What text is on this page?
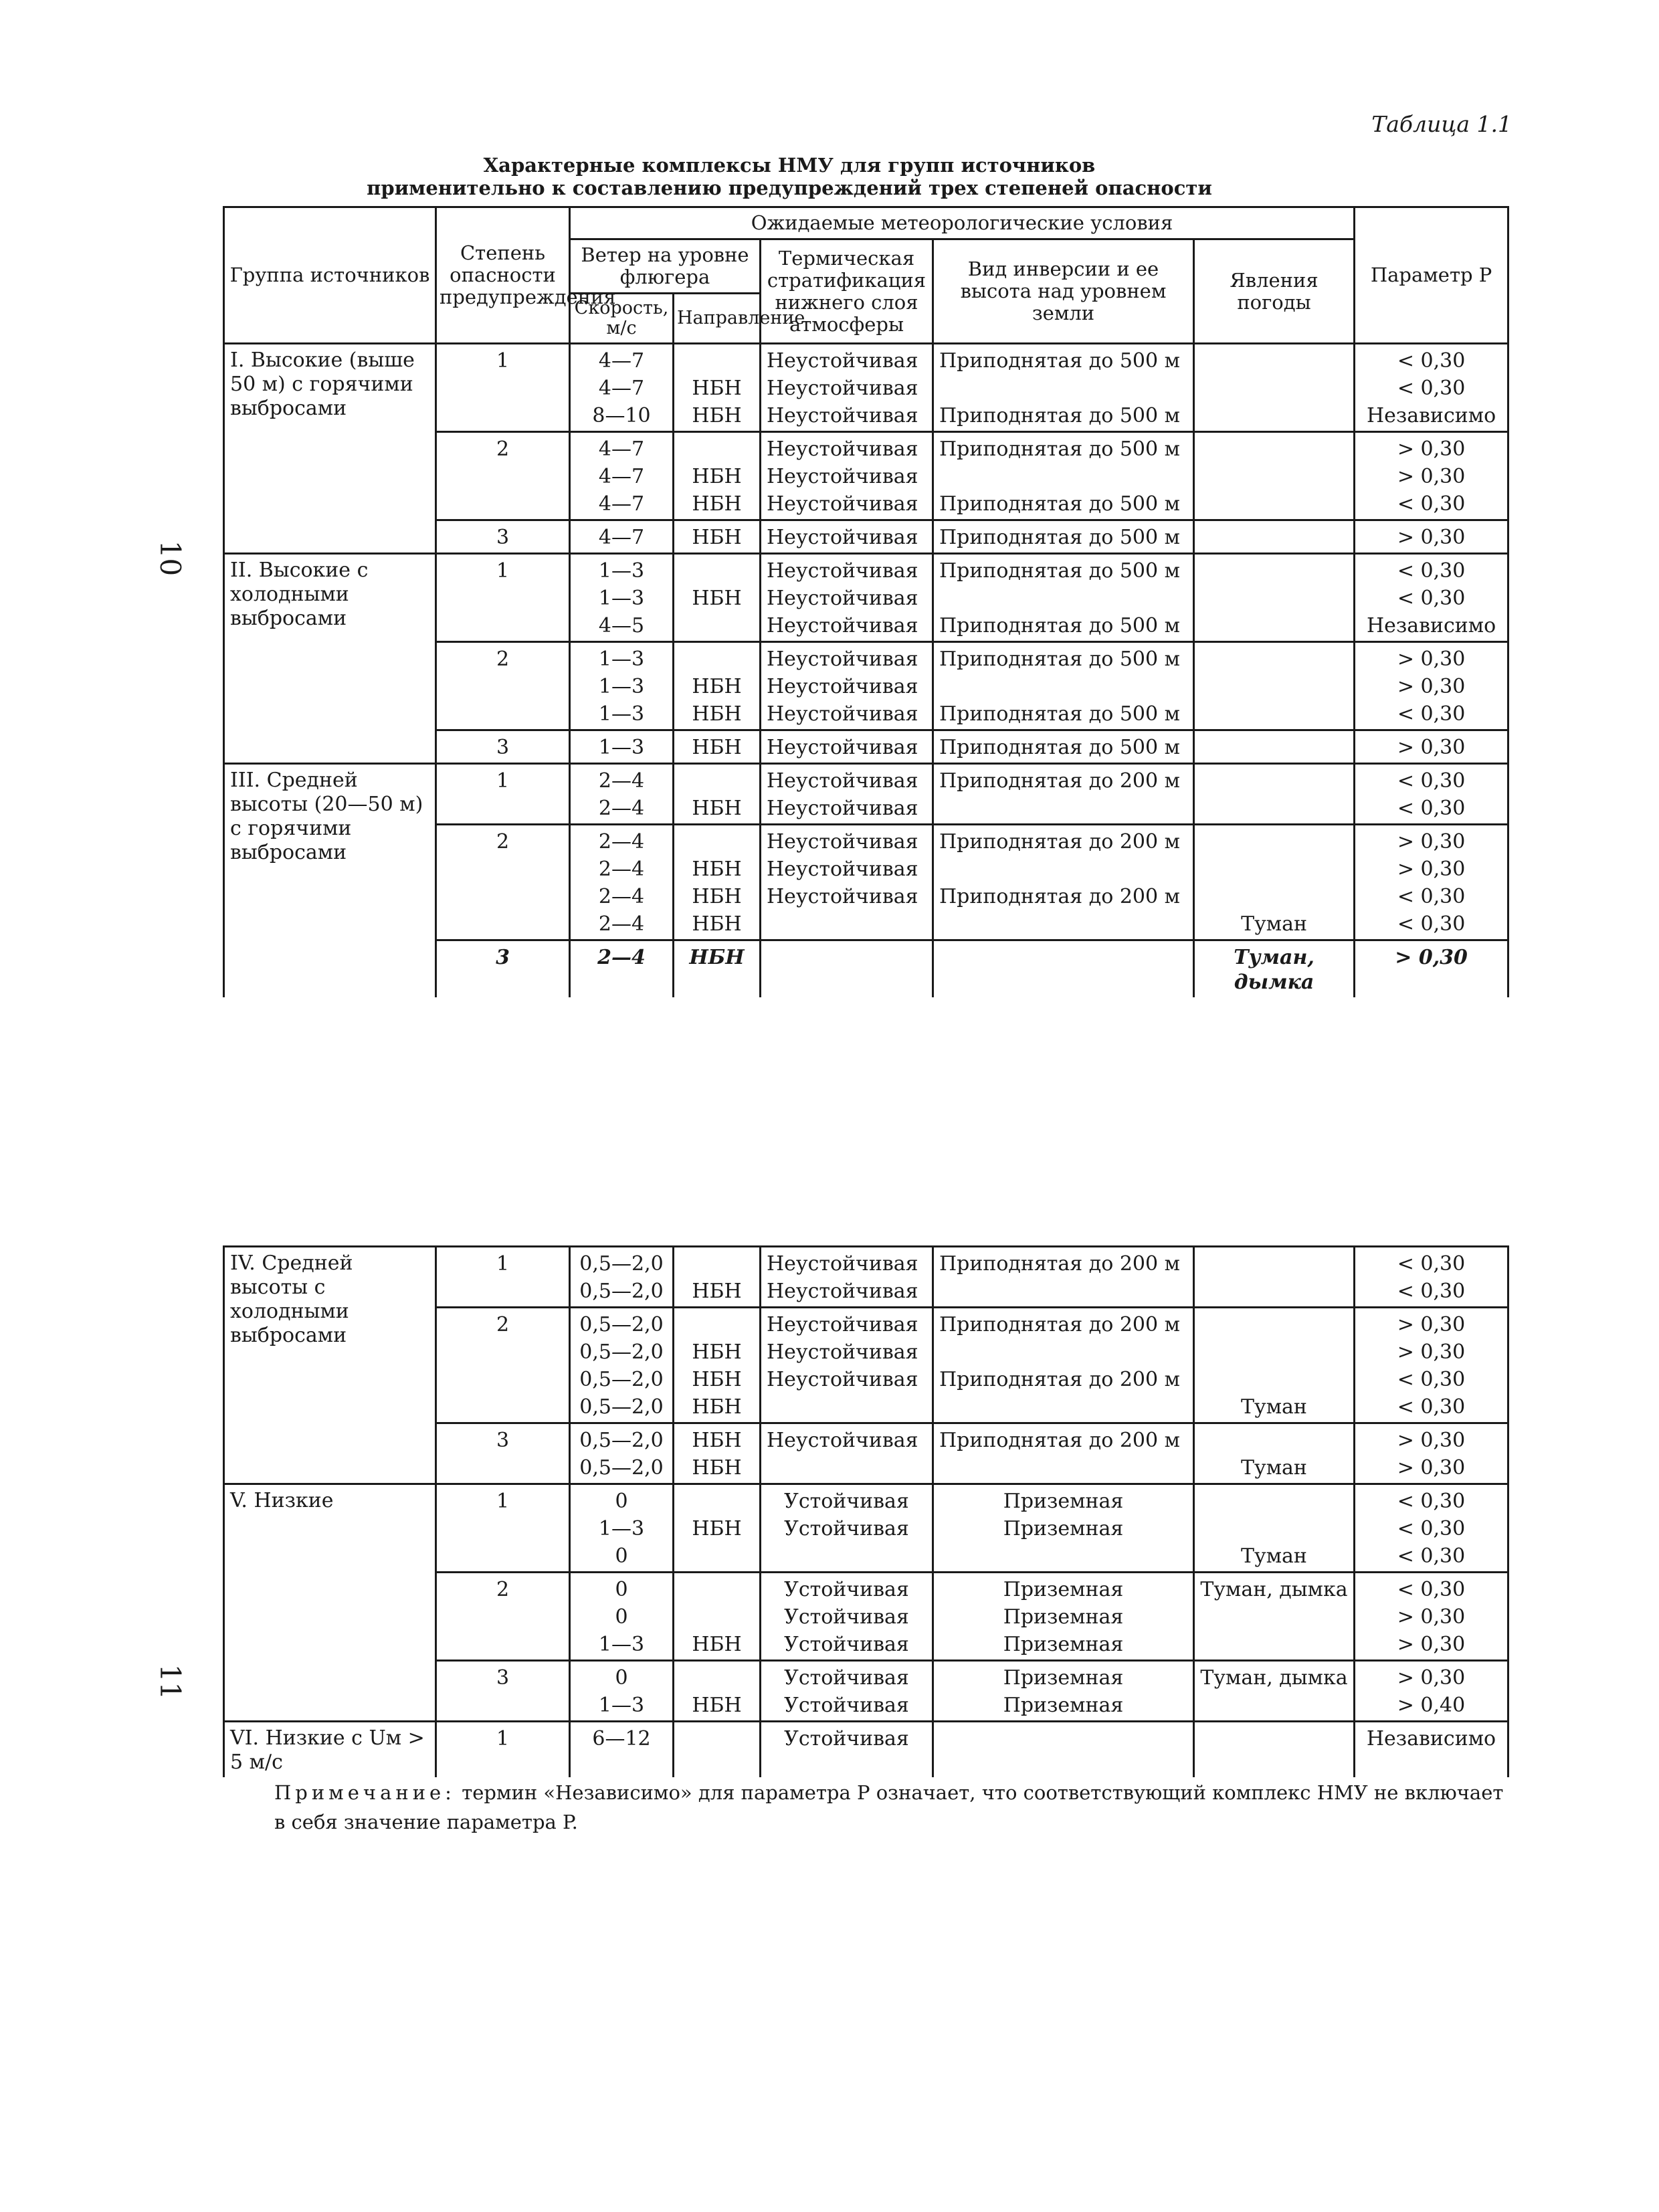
Таблица 1.1
Характерные комплексы НМУ для групп источников
применительно к составлению предупреждений трех степеней опасности
10
11
Группа источников	Степень опасности предупреждения	Ожидаемые метеорологические условия					Параметр P
		Ветер на уровне флюгера		Термическая стратификация нижнего слоя атмосферы	Вид инверсии и ее высота над уровнем земли	Явления погоды	
		Скорость, м/с	Направление				
I. Высокие (выше 50 м) с горячими выбросами	1	4—7		Неустойчивая	Приподнятая до 500 м		< 0,30
		4—7	НБН	Неустойчивая			< 0,30
		8—10	НБН	Неустойчивая	Приподнятая до 500 м		Независимо
	2	4—7		Неустойчивая	Приподнятая до 500 м		> 0,30
		4—7	НБН	Неустойчивая			> 0,30
		4—7	НБН	Неустойчивая	Приподнятая до 500 м		< 0,30
	3	4—7	НБН	Неустойчивая	Приподнятая до 500 м		> 0,30
II. Высокие с холодными выбросами	1	1—3		Неустойчивая	Приподнятая до 500 м		< 0,30
		1—3	НБН	Неустойчивая			< 0,30
		4—5		Неустойчивая	Приподнятая до 500 м		Независимо
	2	1—3		Неустойчивая	Приподнятая до 500 м		> 0,30
		1—3	НБН	Неустойчивая			> 0,30
		1—3	НБН	Неустойчивая	Приподнятая до 500 м		< 0,30
	3	1—3	НБН	Неустойчивая	Приподнятая до 500 м		> 0,30
III. Средней высоты (20—50 м) с горячими выбросами	1	2—4		Неустойчивая	Приподнятая до 200 м		< 0,30
		2—4	НБН	Неустойчивая			< 0,30
	2	2—4		Неустойчивая	Приподнятая до 200 м		> 0,30
		2—4	НБН	Неустойчивая			> 0,30
		2—4	НБН	Неустойчивая	Приподнятая до 200 м		< 0,30
		2—4	НБН			Туман	< 0,30
	3	2—4	НБН			Туман, дымка	> 0,30
IV. Средней высоты с холодными выбросами	1	0,5—2,0		Неустойчивая	Приподнятая до 200 м		< 0,30
		0,5—2,0	НБН	Неустойчивая			< 0,30
	2	0,5—2,0		Неустойчивая	Приподнятая до 200 м		> 0,30
		0,5—2,0	НБН	Неустойчивая			> 0,30
		0,5—2,0	НБН	Неустойчивая	Приподнятая до 200 м		< 0,30
		0,5—2,0	НБН			Туман	< 0,30
	3	0,5—2,0	НБН	Неустойчивая	Приподнятая до 200 м		> 0,30
		0,5—2,0	НБН			Туман	> 0,30
V. Низкие	1	0		Устойчивая	Приземная		< 0,30
		1—3	НБН	Устойчивая	Приземная		< 0,30
		0				Туман	< 0,30
	2	0		Устойчивая	Приземная	Туман, дымка	< 0,30
		0		Устойчивая	Приземная		> 0,30
		1—3	НБН	Устойчивая	Приземная		> 0,30
	3	0		Устойчивая	Приземная	Туман, дымка	> 0,30
		1—3	НБН	Устойчивая	Приземная		> 0,40
VI. Низкие с Uм > 5 м/с	1	6—12		Устойчивая			Независимо
Примечание: термин «Независимо» для параметра P означает, что соответствующий комплекс НМУ не включает в себя значение параметра P.
